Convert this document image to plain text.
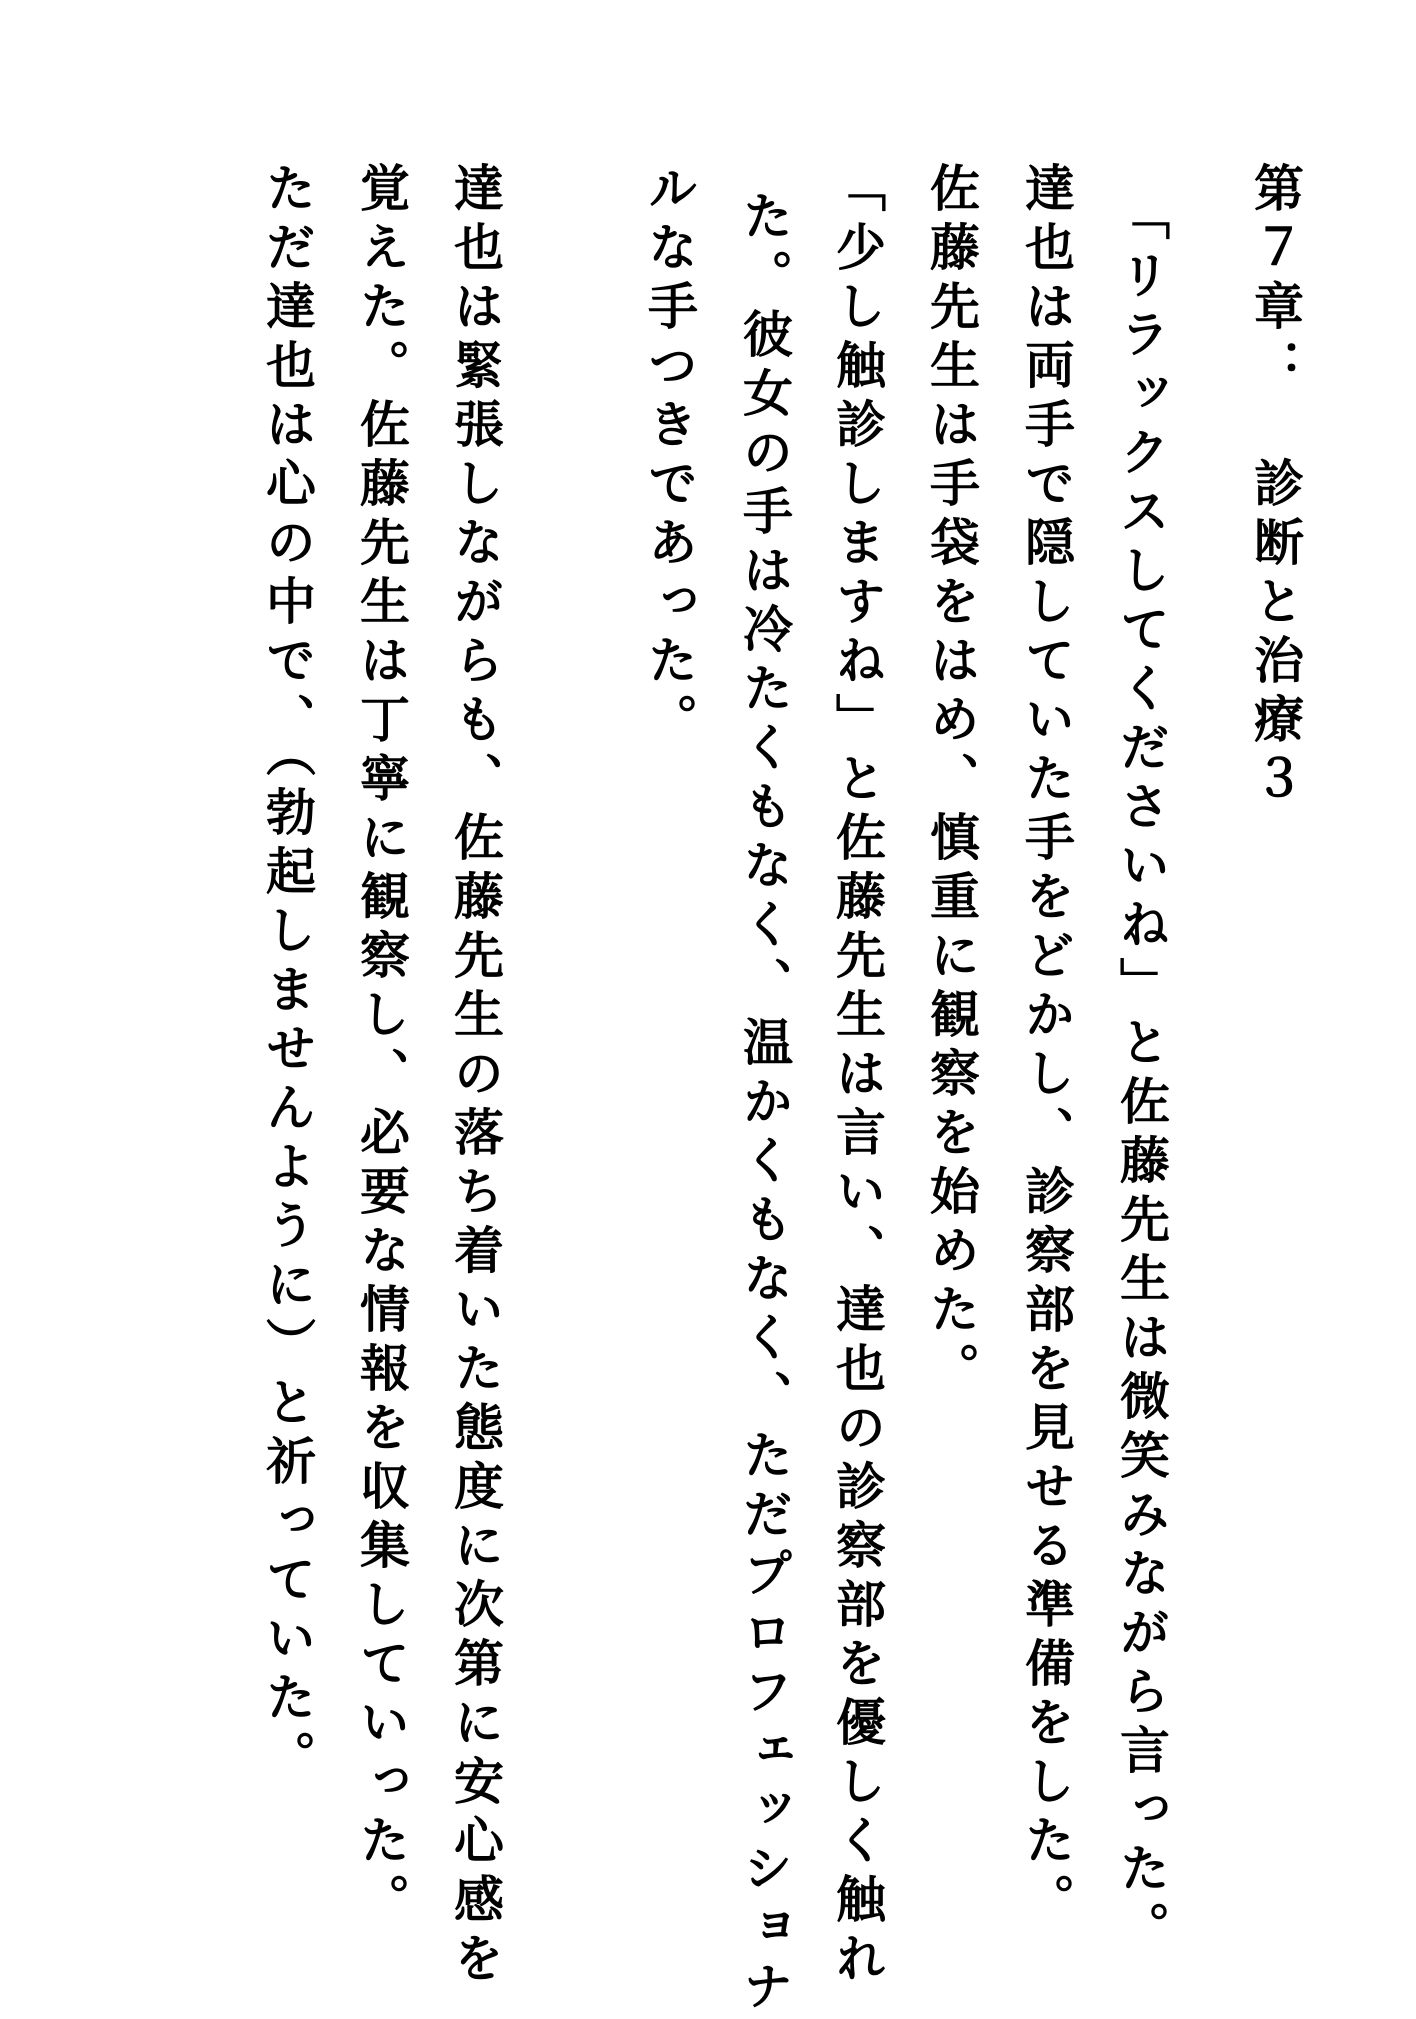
第７章：　診断と治療３
「リラックスしてくださいね」と佐藤先生は微笑みながら言った。
達也は両手で隠していた手をどかし、診察部を見せる準備をした。
佐藤先生は手袋をはめ、慎重に観察を始めた。
「少し触診しますね」と佐藤先生は言い、達也の診察部を優しく触れ
た。彼女の手は冷たくもなく、温かくもなく、ただプロフェッショナ
ルな手つきであった。
達也は緊張しながらも、佐藤先生の落ち着いた態度に次第に安心感を
覚えた。佐藤先生は丁寧に観察し、必要な情報を収集していった。
ただ達也は心の中で、（勃起しませんように）と祈っていた。
